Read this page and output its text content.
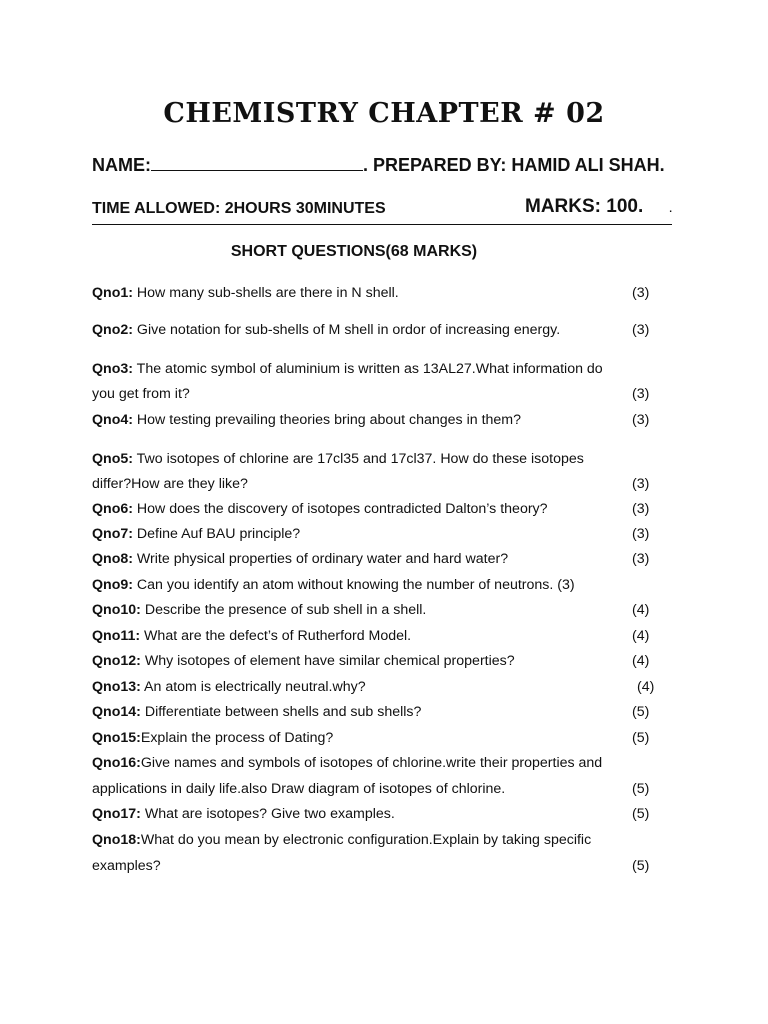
CHEMISTRY CHAPTER # 02
NAME:	. PREPARED BY: HAMID ALI SHAH.
TIME ALLOWED: 2HOURS 30MINUTES	MARKS: 100.	.
SHORT QUESTIONS(68 MARKS)
Qno1: How many sub-shells are there in N shell.	(3)
Qno2: Give notation for sub-shells of M shell in ordor of increasing energy.	(3)
Qno3: The atomic symbol of aluminium is written as 13AL27.What information do
you get from it?	(3)
Qno4: How testing prevailing theories bring about changes in them?	(3)
Qno5: Two isotopes of chlorine are 17cl35 and 17cl37. How do these isotopes
differ?How are they like?	(3)
Qno6: How does the discovery of isotopes contradicted Dalton’s theory?	(3)
Qno7: Define Auf BAU principle?	(3)
Qno8: Write physical properties of ordinary water and hard water?	(3)
Qno9: Can you identify an atom without knowing the number of neutrons. (3)
Qno10: Describe the presence of sub shell in a shell.	(4)
Qno11: What are the defect’s of Rutherford Model.	(4)
Qno12: Why isotopes of element have similar chemical properties?	(4)
Qno13: An atom is electrically neutral.why?	(4)
Qno14: Differentiate between shells and sub shells?	(5)
Qno15:Explain the process of Dating?	(5)
Qno16:Give names and symbols of isotopes of chlorine.write their properties and
applications in daily life.also Draw diagram of isotopes of chlorine.	(5)
Qno17: What are isotopes? Give two examples.	(5)
Qno18:What do you mean by electronic configuration.Explain by taking specific
examples?	(5)
